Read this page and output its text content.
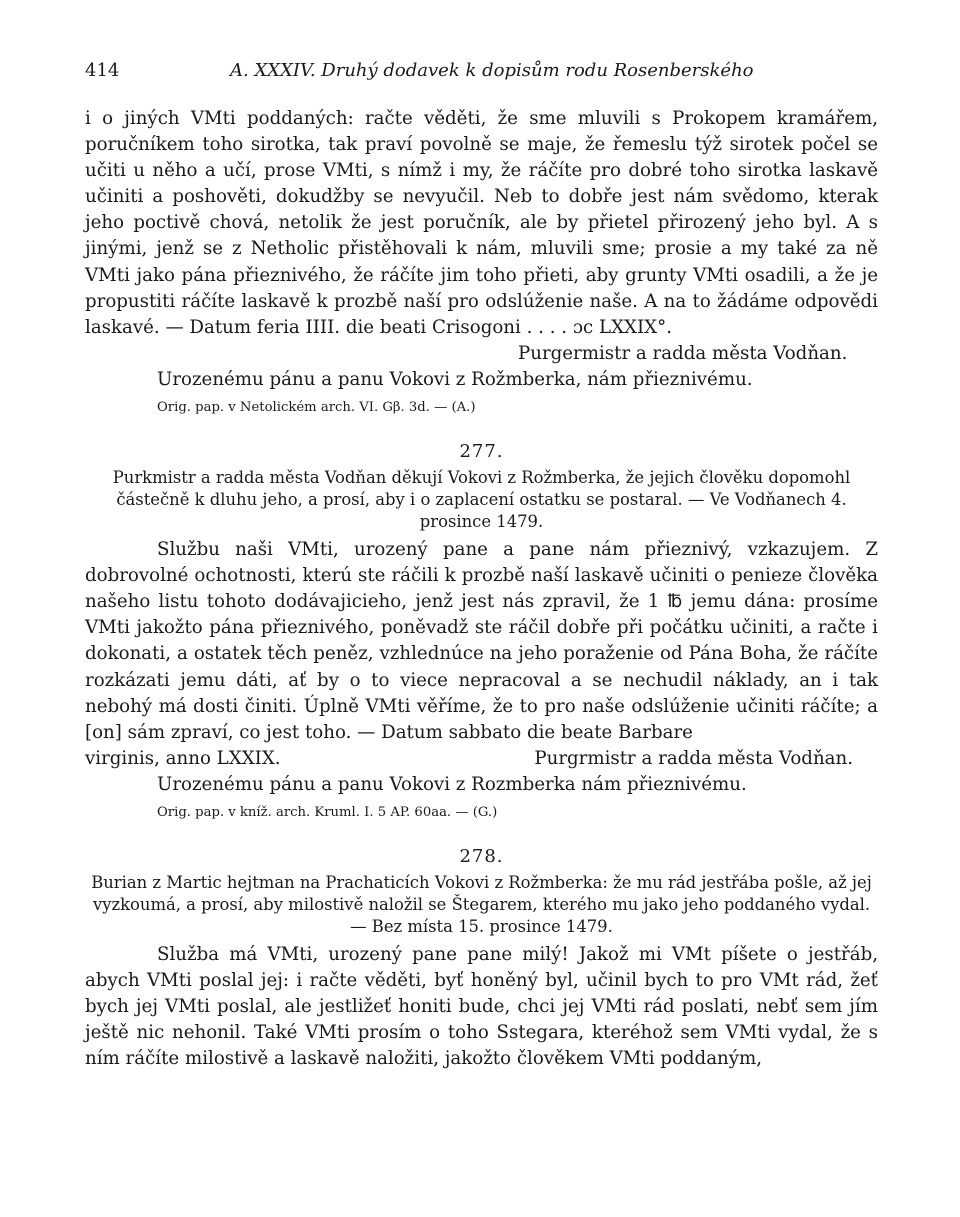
414	A. XXXIV. Druhý dodavek k dopisům rodu Rosenberského

i o jiných VMti poddaných: račte věděti, že sme mluvili s Prokopem kramářem, poručníkem toho sirotka, tak praví povolně se maje, že řemeslu týž sirotek počel se učiti u něho a učí, prose VMti, s nímž i my, že ráčíte pro dobré toho sirotka laskavě učiniti a poshověti, dokudžby se nevyučil. Neb to dobře jest nám svědomo, kterak jeho poctivě chová, netolik že jest poručník, ale by přietel přirozený jeho byl. A s jinými, jenž se z Netholic přistěhovali k nám, mluvili sme; prosie a my také za ně VMti jako pána přieznivého, že ráčíte jim toho přieti, aby grunty VMti osadili, a že je propustiti ráčíte laskavě k prozbě naší pro odslúženie naše. A na to žádáme odpovědi laskavé. — Datum feria IIII. die beati Crisogoni . . . . ɔc LXXIX°.

Purgermistr a radda města Vodňan.

Urozenému pánu a panu Vokovi z Rožmberka, nám přieznivému.

Orig. pap. v Netolickém arch. VI. Gβ. 3d. — (A.)

277.

Purkmistr a radda města Vodňan děkují Vokovi z Rožmberka, že jejich člověku dopomohl částečně k dluhu jeho, a prosí, aby i o zaplacení ostatku se postaral. — Ve Vodňanech 4. prosince 1479.

Službu naši VMti, urozený pane a pane nám přieznivý, vzkazujem. Z dobrovolné ochotnosti, kterú ste ráčili k prozbě naší laskavě učiniti o penieze člověka našeho listu tohoto dodávajicieho, jenž jest nás zpravil, že 1 ℔ jemu dána: prosíme VMti jakožto pána přieznivého, poněvadž ste ráčil dobře při počátku učiniti, a račte i dokonati, a ostatek těch peněz, vzhlednúce na jeho poraženie od Pána Boha, že ráčíte rozkázati jemu dáti, ať by o to viece nepracoval a se nechudil náklady, an i tak nebohý má dosti činiti. Úplně VMti věříme, že to pro naše odslúženie učiniti ráčíte; a [on] sám zpraví, co jest toho. — Datum sabbato die beate Barbare

virginis, anno LXXIX.	Purgrmistr a radda města Vodňan.

Urozenému pánu a panu Vokovi z Rozmberka nám přieznivému.

Orig. pap. v kníž. arch. Kruml. I. 5 AP. 60aa. — (G.)

278.

Burian z Martic hejtman na Prachaticích Vokovi z Rožmberka: že mu rád jestřába pošle, až jej vyzkoumá, a prosí, aby milostivě naložil se Štegarem, kterého mu jako jeho poddaného vydal. — Bez místa 15. prosince 1479.

Služba má VMti, urozený pane pane milý! Jakož mi VMt píšete o jestřáb, abych VMti poslal jej: i račte věděti, byť honěný byl, učinil bych to pro VMt rád, žeť bych jej VMti poslal, ale jestližeť honiti bude, chci jej VMti rád poslati, nebť sem jím ještě nic nehonil. Také VMti prosím o toho Sstegara, kteréhož sem VMti vydal, že s ním ráčíte milostivě a laskavě naložiti, jakožto člověkem VMti poddaným,
